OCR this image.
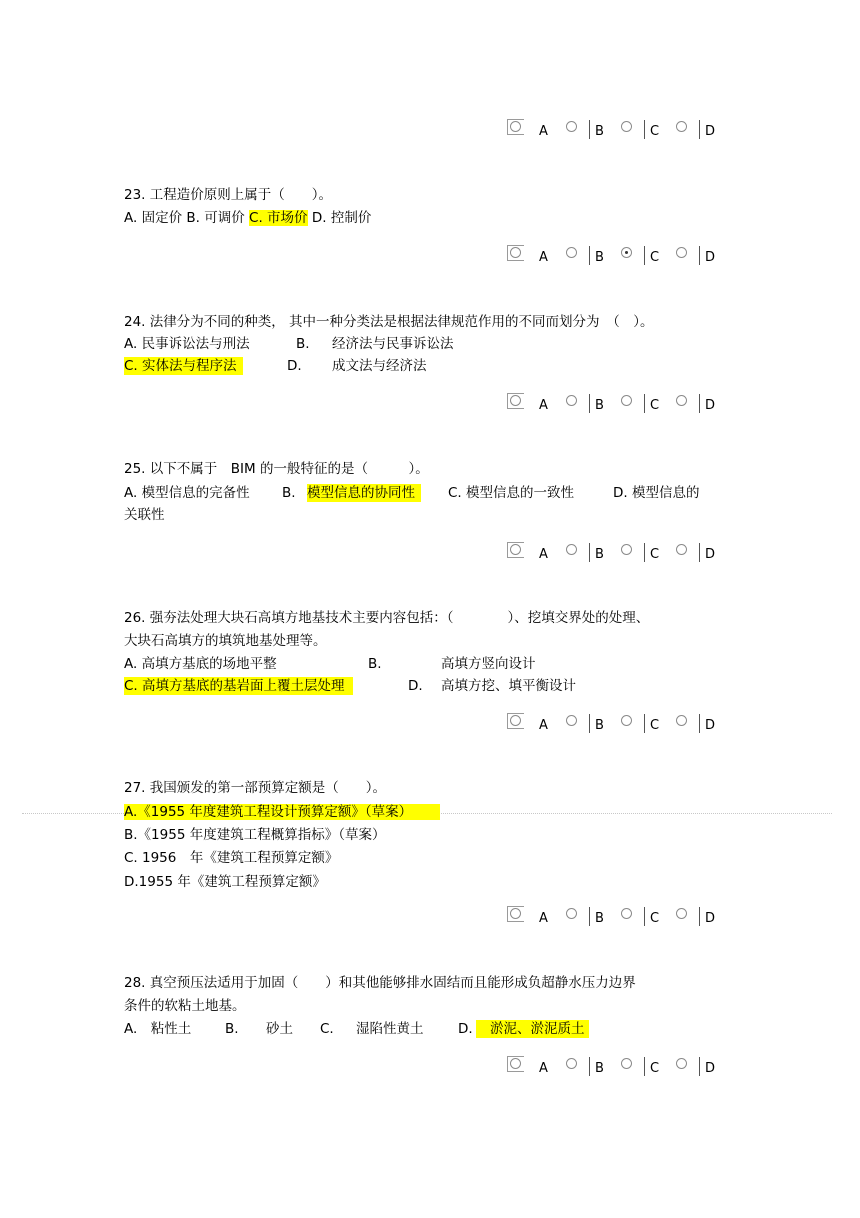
A	B	C	D
23. 工程造价原则上属于（　　）。
A. 固定价 B. 可调价 C. 市场价 D. 控制价
A	B	C	D
24. 法律分为不同的种类， 其中一种分类法是根据法律规范作用的不同而划分为　（　）。
A. 民事诉讼法与刑法	B. 经济法与民事诉讼法
C. 实体法与程序法	D. 成文法与经济法
A	B	C	D
25. 以下不属于　BIM 的一般特征的是（　　　）。
A. 模型信息的完备性 B. 模型信息的协同性	C. 模型信息的一致性	D. 模型信息的
关联性
A	B	C	D
26. 强夯法处理大块石高填方地基技术主要内容包括：（　　　　）、挖填交界处的处理、
大块石高填方的填筑地基处理等。
A. 高填方基底的场地平整	B.	高填方竖向设计
C. 高填方基底的基岩面上覆土层处理	D. 高填方挖、填平衡设计
A	B	C	D
27. 我国颁发的第一部预算定额是（　　）。
A.《1955 年度建筑工程设计预算定额》（草案）
B.《1955 年度建筑工程概算指标》（草案）
C. 1956　年《建筑工程预算定额》
D.1955 年《建筑工程预算定额》
A	B	C	D
28. 真空预压法适用于加固（　　）和其他能够排水固结而且能形成负超静水压力边界
条件的软粘土地基。
A.　粘性土 B. 砂土 C. 湿陷性黄土	D.	淤泥、淤泥质土
A	B	C	D
